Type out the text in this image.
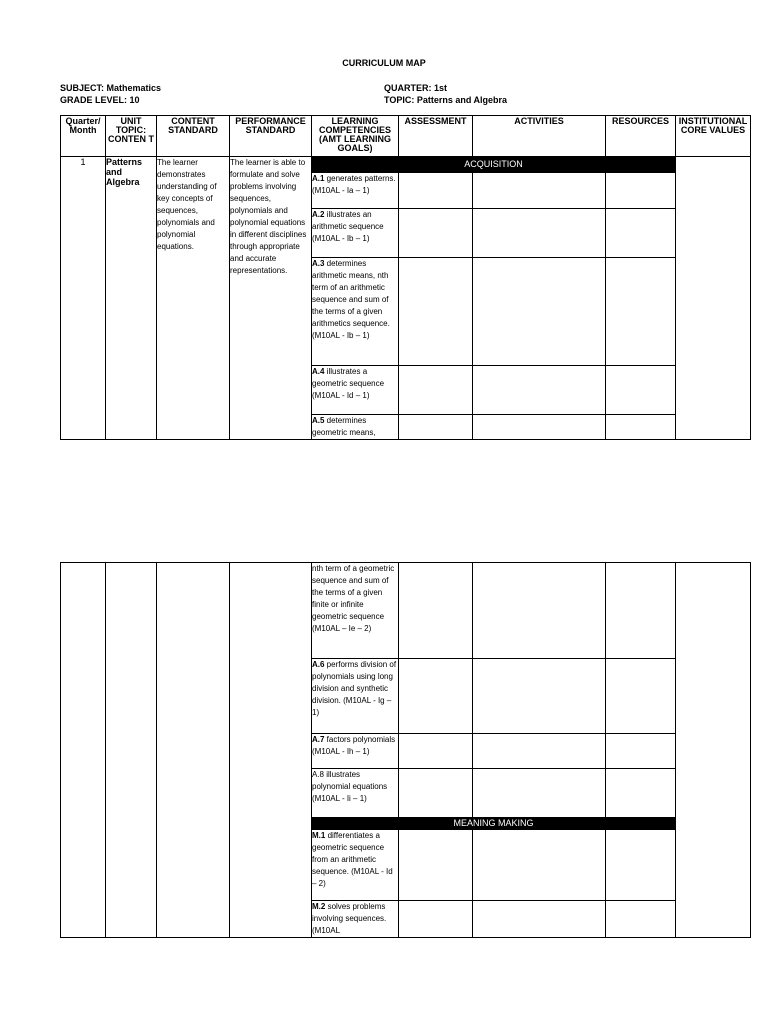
CURRICULUM MAP
SUBJECT: Mathematics
GRADE LEVEL: 10
QUARTER: 1st
TOPIC: Patterns and Algebra
Quarter/ Month	UNIT TOPIC: CONTEN T	CONTENT STANDARD	PERFORMANCE STANDARD	LEARNING COMPETENCIES (AMT LEARNING GOALS)	ASSESSMENT	ACTIVITIES	RESOURCES	INSTITUTIONAL CORE VALUES
1	Patterns and Algebra	The learner demonstrates understanding of key concepts of sequences, polynomials and polynomial equations.	The learner is able to formulate and solve problems involving sequences, polynomials and polynomial equations in different disciplines through appropriate and accurate representations.	ACQUISITION				
				A.1 generates patterns. (M10AL - Ia – 1)				
				A.2 illustrates an arithmetic sequence (M10AL - Ib – 1)				
				A.3 determines arithmetic means, nth term of an arithmetic sequence and sum of the terms of a given arithmetics sequence. (M10AL - Ib – 1)				
				A.4 illustrates a geometric sequence (M10AL - Id – 1)				
				A.5 determines geometric means,				
				nth term of a geometric sequence and sum of the terms of a given finite or infinite geometric sequence (M10AL – Ie – 2)				
				A.6 performs division of polynomials using long division and synthetic division. (M10AL - Ig – 1)				
				A.7 factors polynomials (M10AL - Ih – 1)				
				A.8 illustrates polynomial equations (M10AL - Ii – 1)				
				MEANING MAKING				
				M.1 differentiates a geometric sequence from an arithmetic sequence. (M10AL - Id – 2)				
				M.2 solves problems involving sequences. (M10AL				
